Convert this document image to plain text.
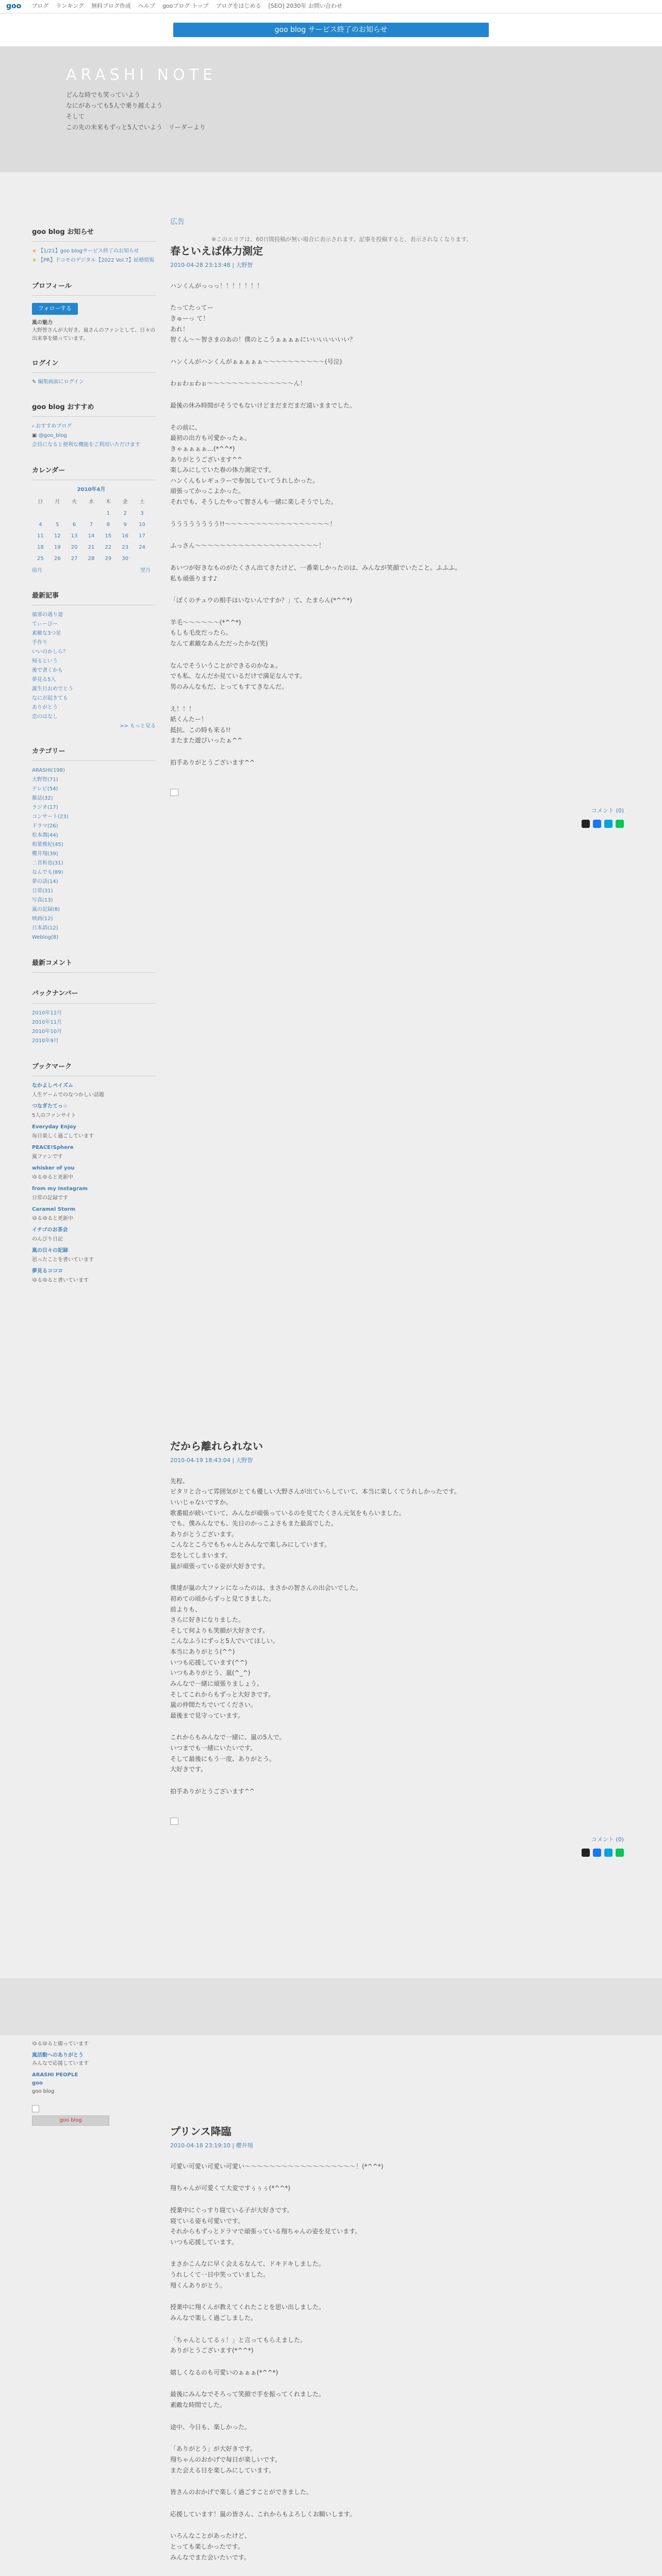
goo ブログ ランキング 無料ブログ作成 ヘルプ gooブログ トップ ブログをはじめる [SEO] 2030年 お問い合わせ
goo blog サービス終了のお知らせ
ARASHI NOTE
どんな時でも笑っていよう
なにがあっても5人で乗り越えよう
そして
この先の未来もずっと5人でいよう　リーダーより
goo blog お知らせ
★ 【1/21】goo blogサービス終了のお知らせ
★ 【PR】ドコモのデジタル【2022 Vol.7】結婚情報
プロフィール
フォローする
嵐の魅力
大野智さんが大好き。嵐さんのファンとして、日々の出来事を綴っています。
ログイン
✎ 編集画面にログイン
goo blog おすすめ
› おすすめブログ
▣ @goo_blog
会員になると便利な機能をご利用いただけます
カレンダー
2010年4月
日	月	火	水	木	金	土
				1	2	3
4	5	6	7	8	9	10
11	12	13	14	15	16	17
18	19	20	21	22	23	24
25	26	27	28	29	30	
前月	翌月
最新記事
風邪の通り道
てぃーびー
素敵な3つ星
手作り
いいのかしら？
帰るという
後で書くかも
夢見る5人
誕生日おめでとう
なにが起きても
ありがとう
恋のはなし
>> もっと見る
カテゴリー
ARASHI(198)
大野智(71)
テレビ(54)
雑誌(32)
ラジオ(17)
コンサート(23)
ドラマ(26)
松本潤(44)
相葉雅紀(45)
櫻井翔(39)
二宮和也(31)
なんでも(89)
夢の話(14)
日常(31)
写真(13)
嵐の記録(8)
映画(12)
日本語(12)
Weblog(8)
最新コメント
バックナンバー
2010年12月
2010年11月
2010年10月
2010年9月
ブックマーク
なかよしペイズム
人生ゲームでのなつかしい話題
つなぎたてっ☆
5人のファンサイト
Everyday Enjoy
毎日楽しく過ごしています
PEACE!Sphere
嵐ファンです
whisker of you
ゆるゆると更新中
from my Instagram
日常の記録です
Caramel Storm
ゆるゆると更新中
イチゴのお茶会
のんびり日記
嵐の日々の記録
思ったことを書いています
夢見るココロ
ゆるゆると書いています
ゆるゆると綴っています
嵐活動へのありがとう
みんなで応援しています
ARASHI PEOPLE
goo
goo blog
goo blog
広告
※このエリアは、60日間投稿が無い場合に表示されます。記事を投稿すると、表示されなくなります。
春といえば体力測定
2010-04-28 23:13:48 | 大野智

ハンくんがっっっ！！！！！！！

たってたってー
きゅーっ て！
あれ！
智くん～～智さまのあの！僕のとこうぁぁぁぁにいいいいいいい？

ハンくんがハンくんがぁぁぁぁぁ～～～～～～～～～～(号泣)

わぉわぉわぉ～～～～～～～～～～～～～～ん！

最後の休み時間がそうでもないけどまだまだまだ遠いままでした。

その前に、
最初の出方も可愛かったぁ。
きゃぁぁぁぁ…(*^^*)
ありがとうございます^^
楽しみにしていた春の体力測定です。
ハンくんもレギュラーで参加していてうれしかった。
頑張ってかっこよかった。
それでも、そうしたやって智さんも一緒に楽しそうでした。

うううううううう!!～～～～～～～～～～～～～～～～～！

ふっさん～～～～～～～～～～～～～～～～～～～～！

あいつが好きなものがたくさん出てきたけど、一番楽しかったのは、みんなが笑顔でいたこと。ふふふ。
私も頑張ります♪

「ぼくのチュウの相手はいないんですか？」て、たまらん(*^^*)

羊毛～～～～～～(*^^*)
もしも毛皮だったら。
なんて素敵なあんただったかな(笑)

なんでそういうことができるのかなぁ。
でも私、なんだか見ているだけで満足なんです。
男のみんなもだ、とってもすてきなんだ。

え！！！
紙くんたー！
抵抗、この時も来る!!
またまた遊びいったぁ^^

拍手ありがとうございます^^

コメント (0)
だから離れられない
2010-04-19 18:43:04 | 大野智

先程、
ピタリと合って雰囲気がとても優しい大野さんが出ていらしていて、本当に楽しくてうれしかったです。
いいじゃないですか。
歌番組が続いていて、みんなが頑張っているのを見てたくさん元気をもらいました。
でも、僕みんなでも、先日のかっこよさもまた最高でした。
ありがとうございます。
こんなところでもちゃんとみんなで楽しみにしています。
恋をしてしまいます。
嵐が頑張っている姿が大好きです。

僕達が嵐の大ファンになったのは、まさかの智さんの出会いでした。
初めての頃からずっと見てきました。
前よりも、
さらに好きになりました。
そして何よりも笑顔が大好きです。
こんなふうにずっと5人でいてほしい。
本当にありがとう(^^)
いつも応援しています(^^)
いつもありがとう、嵐(^_^)
みんなで一緒に頑張りましょう。
そしてこれからもずっと大好きです。
嵐の仲間たちでいてください。
最後まで見守っています。

これからもみんなで一緒に、嵐の5人で。
いつまでも一緒にいたいです。
そして最後にもう一度、ありがとう。
大好きです。

拍手ありがとうございます^^

コメント (0)
プリンス降臨
2010-04-18 23:19:10 | 櫻井翔

可愛い可愛い可愛い可愛い～～～～～～～～～～～～～～～～～～！(*^^*)

翔ちゃんが可愛くて大変ですぅぅぅ(*^^*)

授業中にぐっすり寝ている子が大好きです。
寝ている姿も可愛いです。
それからもずっとドラマで頑張っている翔ちゃんの姿を見ています。
いつも応援しています。

まさかこんなに早く会えるなんて、ドキドキしました。
うれしくて一日中笑っていました。
翔くんありがとう。

授業中に翔くんが教えてくれたことを思い出しました。
みんなで楽しく過ごしました。

「ちゃんとしてるぅ！」と言ってもらえました。
ありがとうございます(*^^*)

嬉しくなるのも可愛いのぁぁぁ(*^^*)

最後にみんなでそろって笑顔で手を振ってくれました。
素敵な時間でした。

途中、今日も、楽しかった。

「ありがとう」が大好きです。
翔ちゃんのおかげで毎日が楽しいです。
また会える日を楽しみにしています。

皆さんのおかげで楽しく過ごすことができました。

応援しています！嵐の皆さん、これからもよろしくお願いします。

いろんなことがあったけど、
とっても楽しかったです。
みんなでまた会いたいです。
